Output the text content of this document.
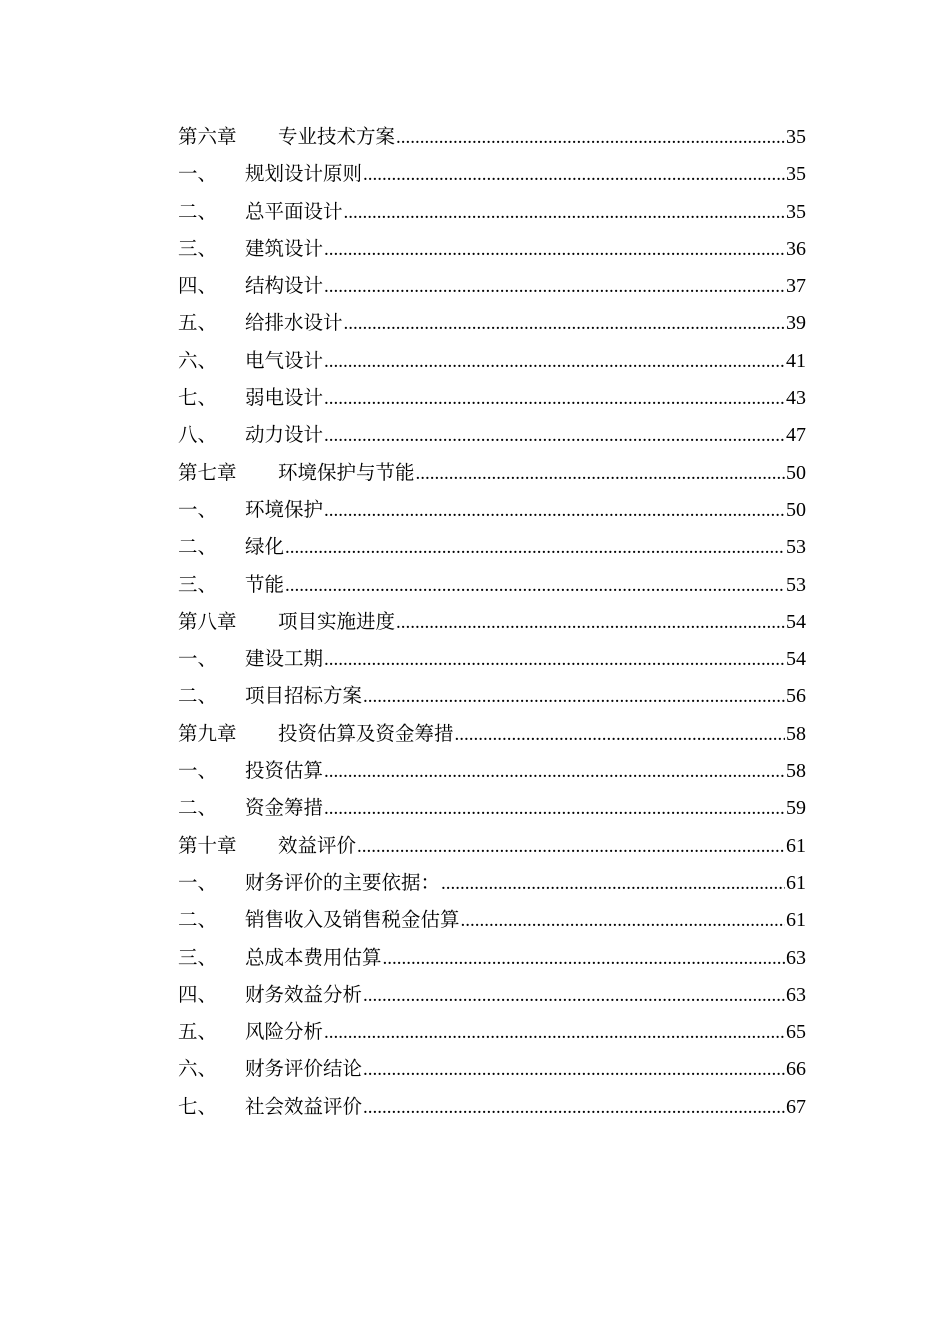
第六章	专业技术方案 .....	35
一、	规划设计原则 .....	35
二、	总平面设计 .....	35
三、	建筑设计 .....	36
四、	结构设计 .....	37
五、	给排水设计 .....	39
六、	电气设计 .....	41
七、	弱电设计 .....	43
八、	动力设计 .....	47
第七章	环境保护与节能 .....	50
一、	环境保护 .....	50
二、	绿化 .....	53
三、	节能 .....	53
第八章	项目实施进度 .....	54
一、	建设工期 .....	54
二、	项目招标方案 .....	56
第九章	投资估算及资金筹措 .....	58
一、	投资估算 .....	58
二、	资金筹措 .....	59
第十章	效益评价 .....	61
一、	财务评价的主要依据： .....	61
二、	销售收入及销售税金估算 .....	61
三、	总成本费用估算 .....	63
四、	财务效益分析 .....	63
五、	风险分析 .....	65
六、	财务评价结论 .....	66
七、	社会效益评价 .....	67
